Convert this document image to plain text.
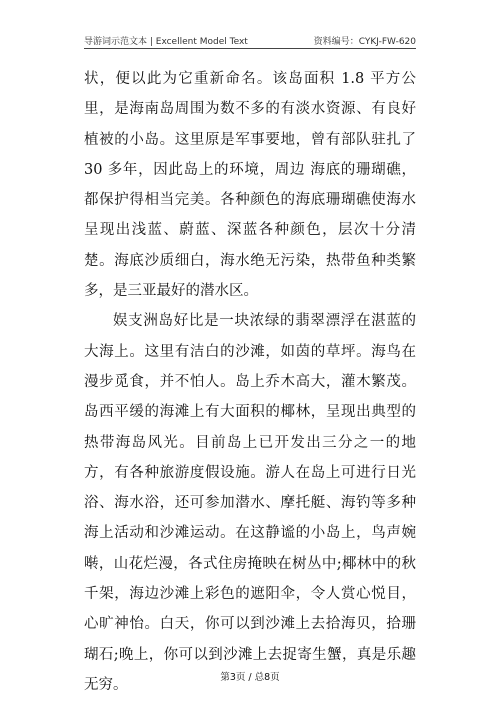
导游词示范文本 | Excellent Model Text	资料编号：CYKJ-FW-620

状，便以此为它重新命名。该岛面积 1.8 平方公里，是海南岛周围为数不多的有淡水资源、有良好植被的小岛。这里原是军事要地，曾有部队驻扎了 30 多年，因此岛上的环境，周边 海底的珊瑚礁，都保护得相当完美。各种颜色的海底珊瑚礁使海水呈现出浅蓝、蔚蓝、深蓝各种颜色，层次十分清楚。海底沙质细白，海水绝无污染，热带鱼种类繁多，是三亚最好的潜水区。

娱支洲岛好比是一块浓绿的翡翠漂浮在湛蓝的大海上。这里有洁白的沙滩，如茵的草坪。海鸟在漫步觅食，并不怕人。岛上乔木高大，灌木繁茂。岛西平缓的海滩上有大面积的椰林，呈现出典型的热带海岛风光。目前岛上已开发出三分之一的地方，有各种旅游度假设施。游人在岛上可进行日光浴、海水浴，还可参加潜水、摩托艇、海钓等多种海上活动和沙滩运动。在这静谧的小岛上，鸟声婉啭，山花烂漫，各式住房掩映在树丛中;椰林中的秋千架，海边沙滩上彩色的遮阳伞，令人赏心悦目，心旷神怡。白天，你可以到沙滩上去拾海贝，拾珊瑚石;晚上，你可以到沙滩上去捉寄生蟹，真是乐趣无穷。	第3页 / 总8页
